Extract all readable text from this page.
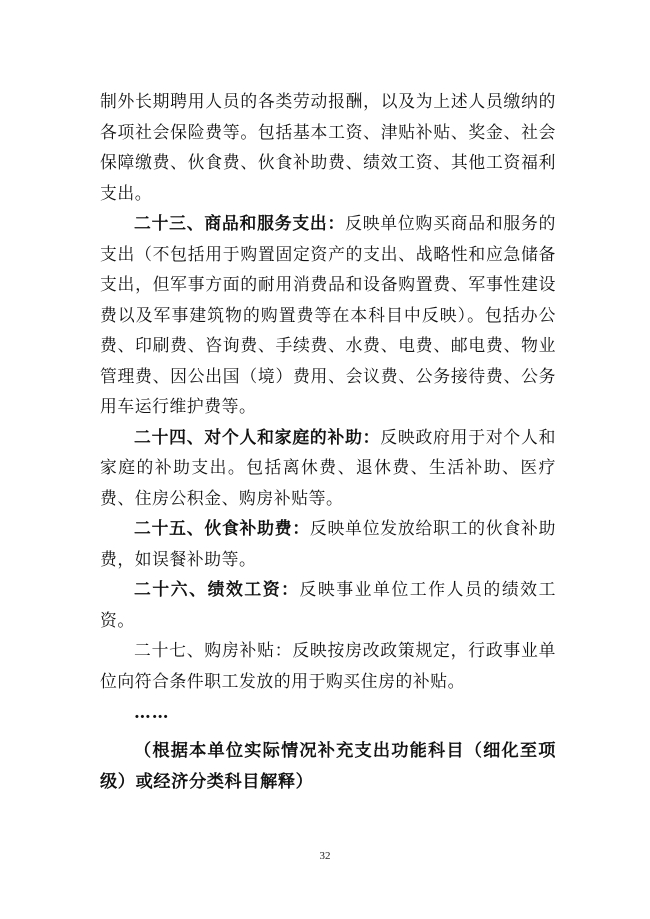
制外长期聘用人员的各类劳动报酬，以及为上述人员缴纳的各项社会保险费等。包括基本工资、津贴补贴、奖金、社会保障缴费、伙食费、伙食补助费、绩效工资、其他工资福利支出。

二十三、商品和服务支出：反映单位购买商品和服务的支出（不包括用于购置固定资产的支出、战略性和应急储备支出，但军事方面的耐用消费品和设备购置费、军事性建设费以及军事建筑物的购置费等在本科目中反映）。包括办公费、印刷费、咨询费、手续费、水费、电费、邮电费、物业管理费、因公出国（境）费用、会议费、公务接待费、公务用车运行维护费等。

二十四、对个人和家庭的补助：反映政府用于对个人和家庭的补助支出。包括离休费、退休费、生活补助、医疗费、住房公积金、购房补贴等。

二十五、伙食补助费：反映单位发放给职工的伙食补助费，如误餐补助等。

二十六、绩效工资：反映事业单位工作人员的绩效工资。

二十七、购房补贴：反映按房改政策规定，行政事业单位向符合条件职工发放的用于购买住房的补贴。

……

（根据本单位实际情况补充支出功能科目（细化至项级）或经济分类科目解释）

32
